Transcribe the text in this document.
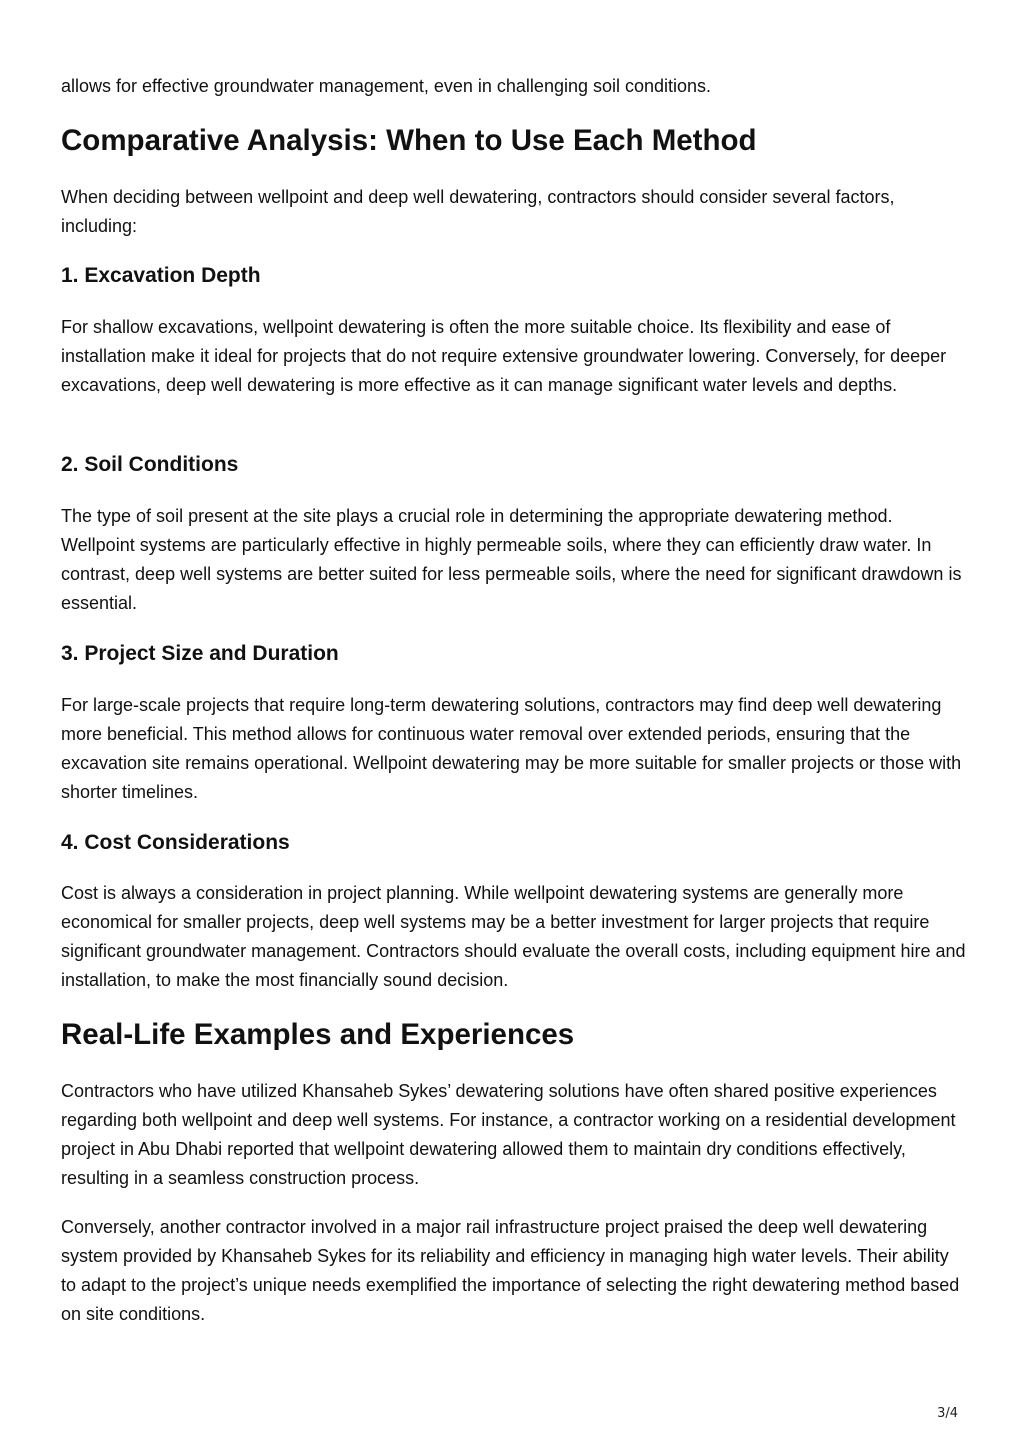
allows for effective groundwater management, even in challenging soil conditions.

Comparative Analysis: When to Use Each Method

When deciding between wellpoint and deep well dewatering, contractors should consider several factors, including:

1. Excavation Depth

For shallow excavations, wellpoint dewatering is often the more suitable choice. Its flexibility and ease of installation make it ideal for projects that do not require extensive groundwater lowering. Conversely, for deeper excavations, deep well dewatering is more effective as it can manage significant water levels and depths.

2. Soil Conditions

The type of soil present at the site plays a crucial role in determining the appropriate dewatering method. Wellpoint systems are particularly effective in highly permeable soils, where they can efficiently draw water. In contrast, deep well systems are better suited for less permeable soils, where the need for significant drawdown is essential.

3. Project Size and Duration

For large-scale projects that require long-term dewatering solutions, contractors may find deep well dewatering more beneficial. This method allows for continuous water removal over extended periods, ensuring that the excavation site remains operational. Wellpoint dewatering may be more suitable for smaller projects or those with shorter timelines.

4. Cost Considerations

Cost is always a consideration in project planning. While wellpoint dewatering systems are generally more economical for smaller projects, deep well systems may be a better investment for larger projects that require significant groundwater management. Contractors should evaluate the overall costs, including equipment hire and installation, to make the most financially sound decision.

Real-Life Examples and Experiences

Contractors who have utilized Khansaheb Sykes’ dewatering solutions have often shared positive experiences regarding both wellpoint and deep well systems. For instance, a contractor working on a residential development project in Abu Dhabi reported that wellpoint dewatering allowed them to maintain dry conditions effectively, resulting in a seamless construction process.

Conversely, another contractor involved in a major rail infrastructure project praised the deep well dewatering system provided by Khansaheb Sykes for its reliability and efficiency in managing high water levels. Their ability to adapt to the project’s unique needs exemplified the importance of selecting the right dewatering method based on site conditions.

3/4
